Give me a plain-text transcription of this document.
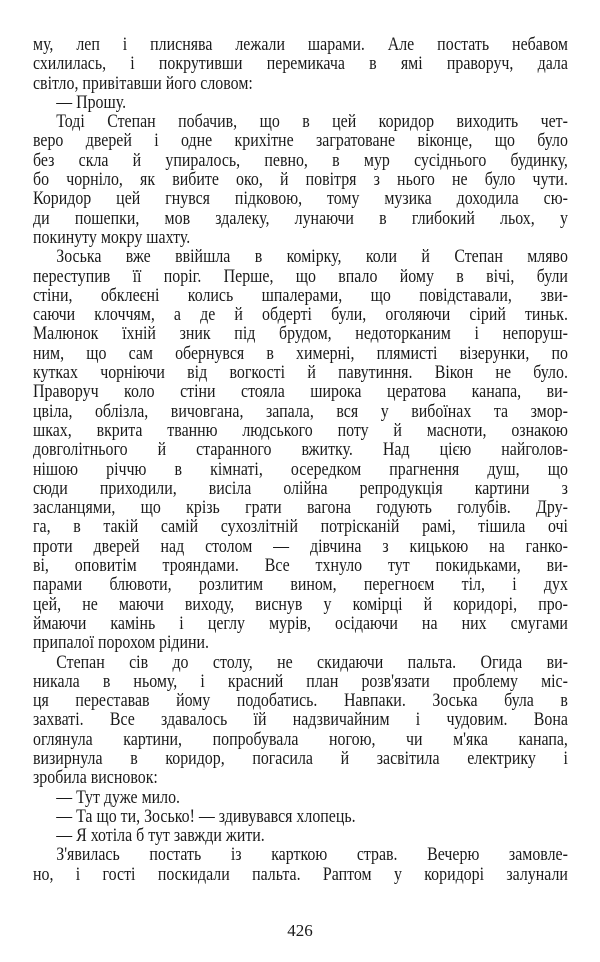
му, леп і плиснява лежали шарами. Але постать небавом
схилилась, і покрутивши перемикача в ямі праворуч, дала
світло, привітавши його словом:
— Прошу.
Тоді Степан побачив, що в цей коридор виходить чет-
веро дверей і одне крихітне загратоване віконце, що було
без скла й упиралось, певно, в мур сусіднього будинку,
бо чорніло, як вибите око, й повітря з нього не було чути.
Коридор цей гнувся підковою, тому музика доходила сю-
ди пошепки, мов здалеку, лунаючи в глибокий льох, у
покинуту мокру шахту.
Зоська вже ввійшла в комірку, коли й Степан мляво
переступив її поріг. Перше, що впало йому в вічі, були
стіни, обклеєні колись шпалерами, що повідставали, зви-
саючи клоччям, а де й обдерті були, оголяючи сірий тиньк.
Малюнок їхній зник під брудом, недоторканим і непоруш-
ним, що сам обернувся в химерні, плямисті візерунки, по
кутках чорніючи від вогкості й павутиння. Вікон не було.
Праворуч коло стіни стояла широка цератова канапа, ви-
цвіла, облізла, вичовгана, запала, вся у вибоїнах та змор-
шках, вкрита тванню людського поту й масноти, ознакою
довголітнього й старанного вжитку. Над цією найголов-
нішою річчю в кімнаті, осередком прагнення душ, що
сюди приходили, висіла олійна репродукція картини з
засланцями, що крізь грати вагона годують голубів. Дру-
га, в такій самій сухозлітній потрісканій рамі, тішила очі
проти дверей над столом — дівчина з кицькою на ганко-
ві, оповитім трояндами. Все тхнуло тут покидьками, ви-
парами блювоти, розлитим вином, перегноєм тіл, і дух
цей, не маючи виходу, виснув у комірці й коридорі, про-
ймаючи камінь і цеглу мурів, осідаючи на них смугами
припалої порохом рідини.
Степан сів до столу, не скидаючи пальта. Огида ви-
никала в ньому, і красний план розв'язати проблему міс-
ця переставав йому подобатись. Навпаки. Зоська була в
захваті. Все здавалось їй надзвичайним і чудовим. Вона
оглянула картини, попробувала ногою, чи м'яка канапа,
визирнула в коридор, погасила й засвітила електрику і
зробила висновок:
— Тут дуже мило.
— Та що ти, Зосько! — здивувався хлопець.
— Я хотіла б тут завжди жити.
З'явилась постать із карткою страв. Вечерю замовле-
но, і гості поскидали пальта. Раптом у коридорі залунали
426
